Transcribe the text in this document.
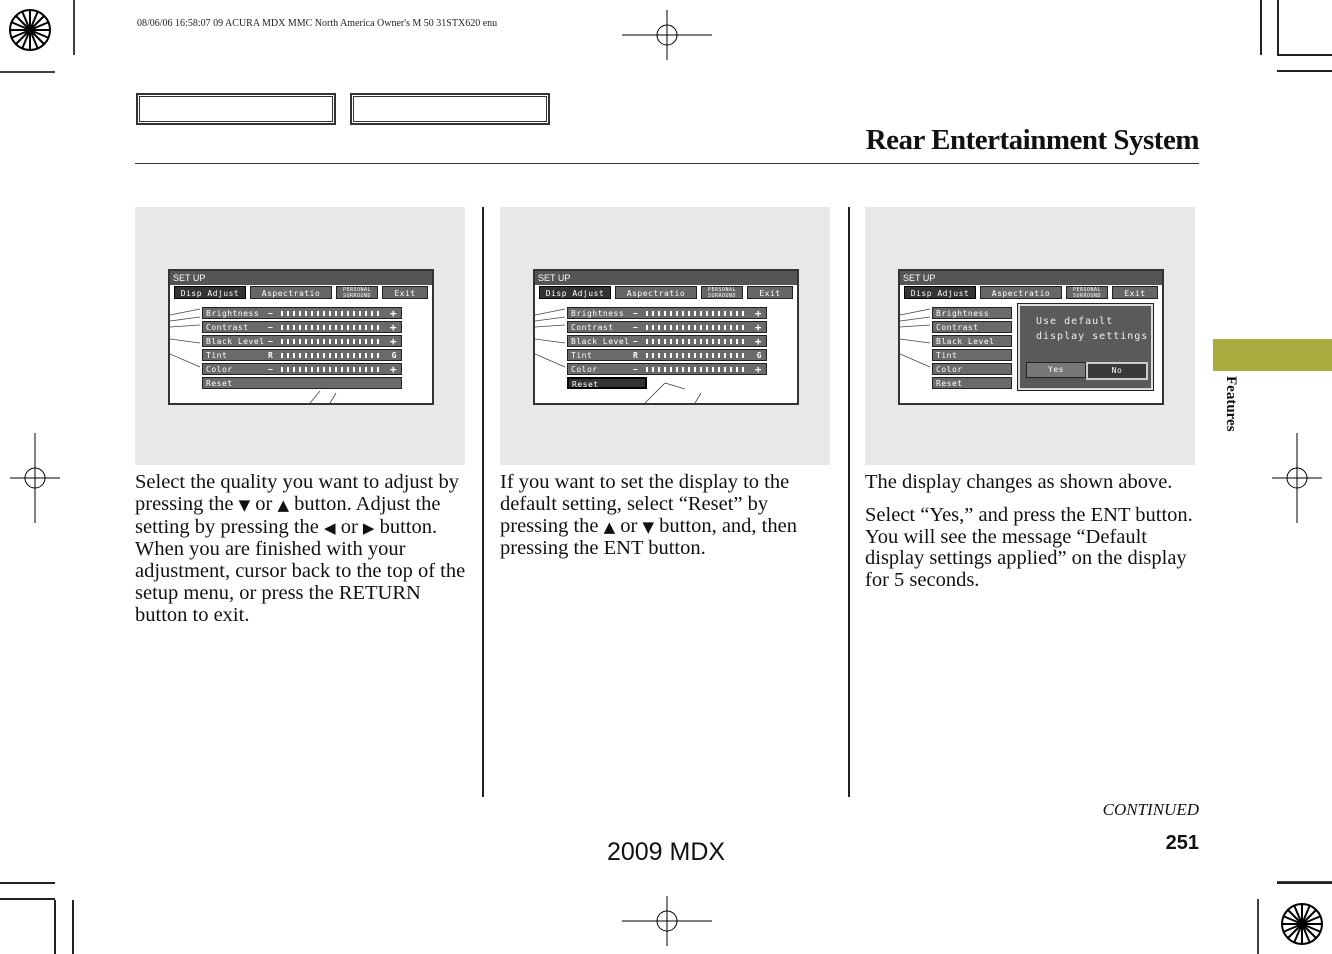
08/06/06 16:58:07 09 ACURA MDX MMC North America Owner's M 50 31STX620 enu
Rear Entertainment System
SET UP
Disp Adjust	Aspectratio	PERSONAL
SURROUND	Exit
Brightness −	+
Contrast −	+
Black Level −	+
Tint	R	G
Color	−	+
Reset
SET UP
Disp Adjust	Aspectratio	PERSONAL
SURROUND	Exit
Brightness −	+
Contrast −	+
Black Level −	+
Tint	R	G
Color	−	+
Reset
SET UP
Disp Adjust	Aspectratio	PERSONAL
SURROUND	Exit
Brightness
Contrast
Black Level
Tint
Color
Reset
Use default
display settings
Yes	No

Select the quality you want to adjust by pressing the ▼ or ▲ button. Adjust the setting by pressing the ◀ or ▶ button. When you are finished with your adjustment, cursor back to the top of the setup menu, or press the RETURN button to exit.

If you want to set the display to the default setting, select “Reset” by pressing the ▲ or ▼ button, and, then pressing the ENT button.

The display changes as shown above.

Select “Yes,” and press the ENT button. You will see the message “Default display settings applied” on the display for 5 seconds.

Features
CONTINUED
251
2009 MDX
